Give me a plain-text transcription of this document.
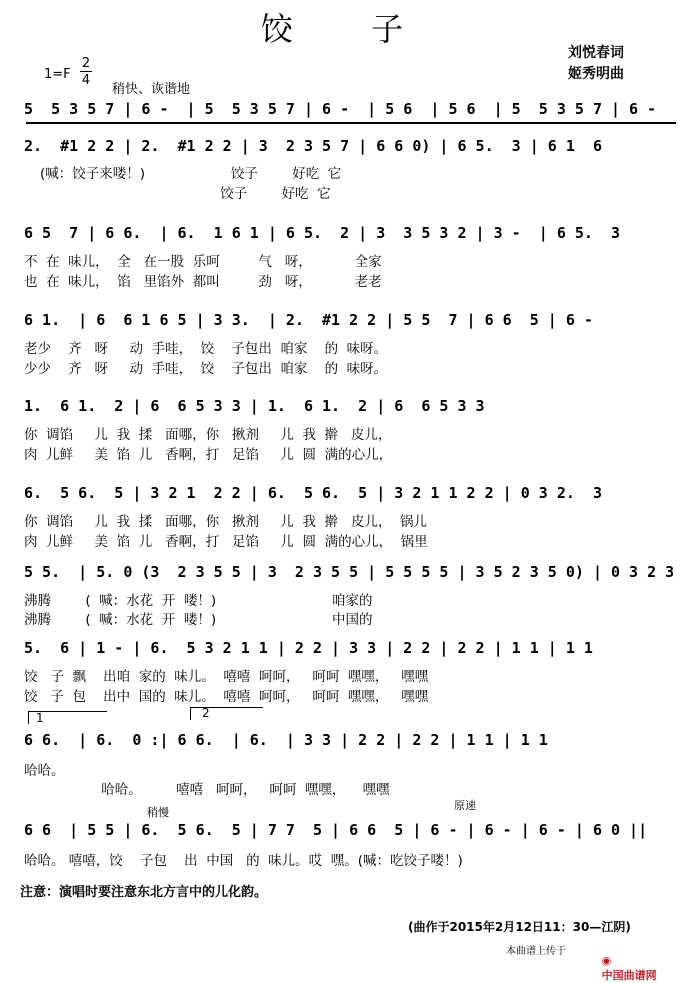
饺 子
刘悦春词
姬秀明曲
1=F
2
4
稍快、诙谐地
5  5 3 5 7 | 6 -  | 5  5 3 5 7 | 6 -  | 5 6  | 5 6  | 5  5 3 5 7 | 6 -
2.  #1 2 2 | 2.  #1 2 2 | 3  2 3 5 7 | 6 6 0) | 6 5.  3 | 6 1  6
(喊：饺子来喽！)                    饺子        好吃  它
饺子        好吃  它
6 5  7 | 6 6.  | 6.  1 6 1 | 6 5.  2 | 3  3 5 3 2 | 3 -  | 6 5.  3
不  在  味儿，  全   在一股  乐呵         气   呀，          全家
也  在  味儿，  馅   里馅外  都叫         劲   呀，          老老
6 1.  | 6  6 1 6 5 | 3 3.  | 2.  #1 2 2 | 5 5  7 | 6 6  5 | 6 -
老少    齐   呀     动  手哇，  饺    子包出  咱家    的  味呀。
少少    齐   呀     动  手哇，  饺    子包出  咱家    的  味呀。
1.  6 1.  2 | 6  6 5 3 3 | 1.  6 1.  2 | 6  6 5 3 3
你  调馅     儿  我  揉   面哪，你   揪剂     儿  我  擀   皮儿，
肉  儿鲜     美  馅  儿   香啊，打   足馅     儿  圆  满的心儿，
6.  5 6.  5 | 3 2 1  2 2 | 6.  5 6.  5 | 3 2 1 1 2 2 | 0 3 2.  3
你  调馅     儿  我  揉   面哪，你   揪剂     儿  我  擀   皮儿，  锅儿
肉  儿鲜     美  馅  儿   香啊，打   足馅     儿  圆  满的心儿，  锅里
5 5.  | 5. 0 (3  2 3 5 5 | 3  2 3 5 5 | 5 5 5 5 | 3 5 2 3 5 0) | 0 3 2 3
沸腾        (  喊：水花  开  喽！)                           咱家的
沸腾        (  喊：水花  开  喽！)                           中国的
5.  6 | 1 - | 6.  5 3 2 1 1 | 2 2 | 3 3 | 2 2 | 2 2 | 1 1 | 1 1
饺   子  飘    出咱  家的  味儿。  嘻嘻  呵呵，   呵呵  嘿嘿，   嘿嘿
饺   子  包    出中  国的  味儿。  嘻嘻  呵呵，   呵呵  嘿嘿，   嘿嘿
1	2
6 6.  | 6.  0 :| 6 6.  | 6.  | 3 3 | 2 2 | 2 2 | 1 1 | 1 1
哈哈。
哈哈。        嘻嘻   呵呵，   呵呵  嘿嘿，    嘿嘿
稍慢
原速
6 6  | 5 5 | 6.  5 6.  5 | 7 7  5 | 6 6  5 | 6 - | 6 - | 6 - | 6 0 ||
哈哈。 嘻嘻，饺    子包    出  中国   的  味儿。哎  嘿。(喊：吃饺子喽！)
注意：演唱时要注意东北方言中的儿化韵。
(曲作于2015年2月12日11：30—江阴)
本曲谱上传于

◉
中国曲谱网
